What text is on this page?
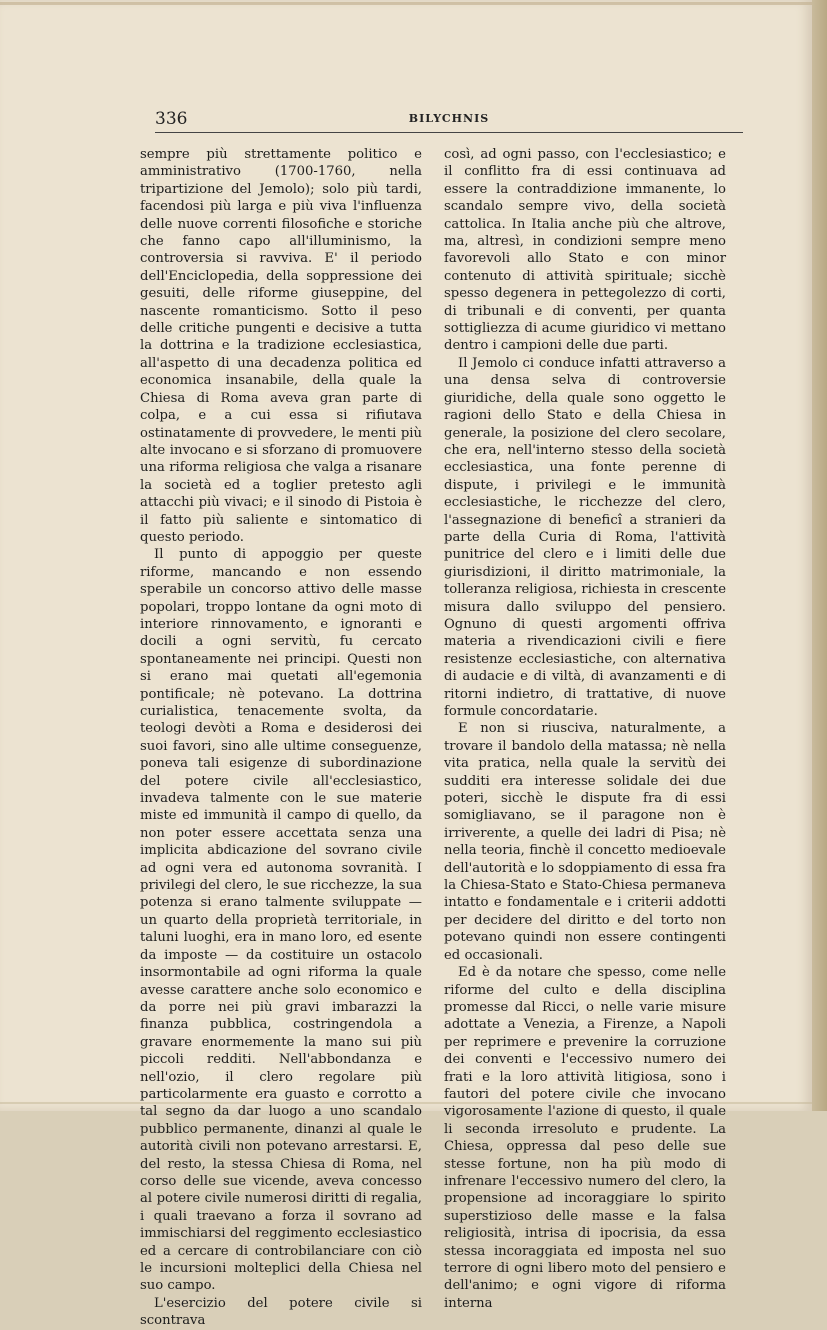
336	BILYCHNIS

sempre più strettamente politico e amministrativo (1700-1760, nella tripartizione del Jemolo); solo più tardi, facendosi più larga e più viva l'influenza delle nuove correnti filosofiche e storiche che fanno capo all'illuminismo, la controversia si ravviva. E' il periodo dell'Enciclopedia, della soppressione dei gesuiti, delle riforme giuseppine, del nascente romanticismo. Sotto il peso delle critiche pungenti e decisive a tutta la dottrina e la tradizione ecclesiastica, all'aspetto di una decadenza politica ed economica insanabile, della quale la Chiesa di Roma aveva gran parte di colpa, e a cui essa si rifiutava ostinatamente di provvedere, le menti più alte invocano e si sforzano di promuovere una riforma religiosa che valga a risanare la società ed a toglier pretesto agli attacchi più vivaci; e il sinodo di Pistoia è il fatto più saliente e sintomatico di questo periodo.

Il punto di appoggio per queste riforme, mancando e non essendo sperabile un concorso attivo delle masse popolari, troppo lontane da ogni moto di interiore rinnovamento, e ignoranti e docili a ogni servitù, fu cercato spontaneamente nei principi. Questi non si erano mai quetati all'egemonia pontificale; nè potevano. La dottrina curialistica, tenacemente svolta, da teologi devòti a Roma e desiderosi dei suoi favori, sino alle ultime conseguenze, poneva tali esigenze di subordinazione del potere civile all'ecclesiastico, invadeva talmente con le sue materie miste ed immunità il campo di quello, da non poter essere accettata senza una implicita abdicazione del sovrano civile ad ogni vera ed autonoma sovranità. I privilegi del clero, le sue ricchezze, la sua potenza si erano talmente sviluppate — un quarto della proprietà territoriale, in taluni luoghi, era in mano loro, ed esente da imposte — da costituire un ostacolo insormontabile ad ogni riforma la quale avesse carattere anche solo economico e da porre nei più gravi imbarazzi la finanza pubblica, costringendola a gravare enormemente la mano sui più piccoli redditi. Nell'abbondanza e nell'ozio, il clero regolare più particolarmente era guasto e corrotto a tal segno da dar luogo a uno scandalo pubblico permanente, dinanzi al quale le autorità civili non potevano arrestarsi. E, del resto, la stessa Chiesa di Roma, nel corso delle sue vicende, aveva concesso al potere civile numerosi diritti di regalia, i quali traevano a forza il sovrano ad immischiarsi del reggimento ecclesiastico ed a cercare di controbilanciare con ciò le incursioni molteplici della Chiesa nel suo campo.

L'esercizio del potere civile si scontrava

così, ad ogni passo, con l'ecclesiastico; e il conflitto fra di essi continuava ad essere la contraddizione immanente, lo scandalo sempre vivo, della società cattolica. In Italia anche più che altrove, ma, altresì, in condizioni sempre meno favorevoli allo Stato e con minor contenuto di attività spirituale; sicchè spesso degenera in pettegolezzo di corti, di tribunali e di conventi, per quanta sottigliezza di acume giuridico vi mettano dentro i campioni delle due parti.

Il Jemolo ci conduce infatti attraverso a una densa selva di controversie giuridiche, della quale sono oggetto le ragioni dello Stato e della Chiesa in generale, la posizione del clero secolare, che era, nell'interno stesso della società ecclesiastica, una fonte perenne di dispute, i privilegi e le immunità ecclesiastiche, le ricchezze del clero, l'assegnazione di beneficî a stranieri da parte della Curia di Roma, l'attività punitrice del clero e i limiti delle due giurisdizioni, il diritto matrimoniale, la tolleranza religiosa, richiesta in crescente misura dallo sviluppo del pensiero. Ognuno di questi argomenti offriva materia a rivendicazioni civili e fiere resistenze ecclesiastiche, con alternativa di audacie e di viltà, di avanzamenti e di ritorni indietro, di trattative, di nuove formule concordatarie.

E non si riusciva, naturalmente, a trovare il bandolo della matassa; nè nella vita pratica, nella quale la servitù dei sudditi era interesse solidale dei due poteri, sicchè le dispute fra di essi somigliavano, se il paragone non è irriverente, a quelle dei ladri di Pisa; nè nella teoria, finchè il concetto medioevale dell'autorità e lo sdoppiamento di essa fra la Chiesa-Stato e Stato-Chiesa permaneva intatto e fondamentale e i criterii addotti per decidere del diritto e del torto non potevano quindi non essere contingenti ed occasionali.

Ed è da notare che spesso, come nelle riforme del culto e della disciplina promesse dal Ricci, o nelle varie misure adottate a Venezia, a Firenze, a Napoli per reprimere e prevenire la corruzione dei conventi e l'eccessivo numero dei frati e la loro attività litigiosa, sono i fautori del potere civile che invocano vigorosamente l'azione di questo, il quale li seconda irresoluto e prudente. La Chiesa, oppressa dal peso delle sue stesse fortune, non ha più modo di infrenare l'eccessivo numero del clero, la propensione ad incoraggiare lo spirito superstizioso delle masse e la falsa religiosità, intrisa di ipocrisia, da essa stessa incoraggiata ed imposta nel suo terrore di ogni libero moto del pensiero e dell'animo; e ogni vigore di riforma interna
